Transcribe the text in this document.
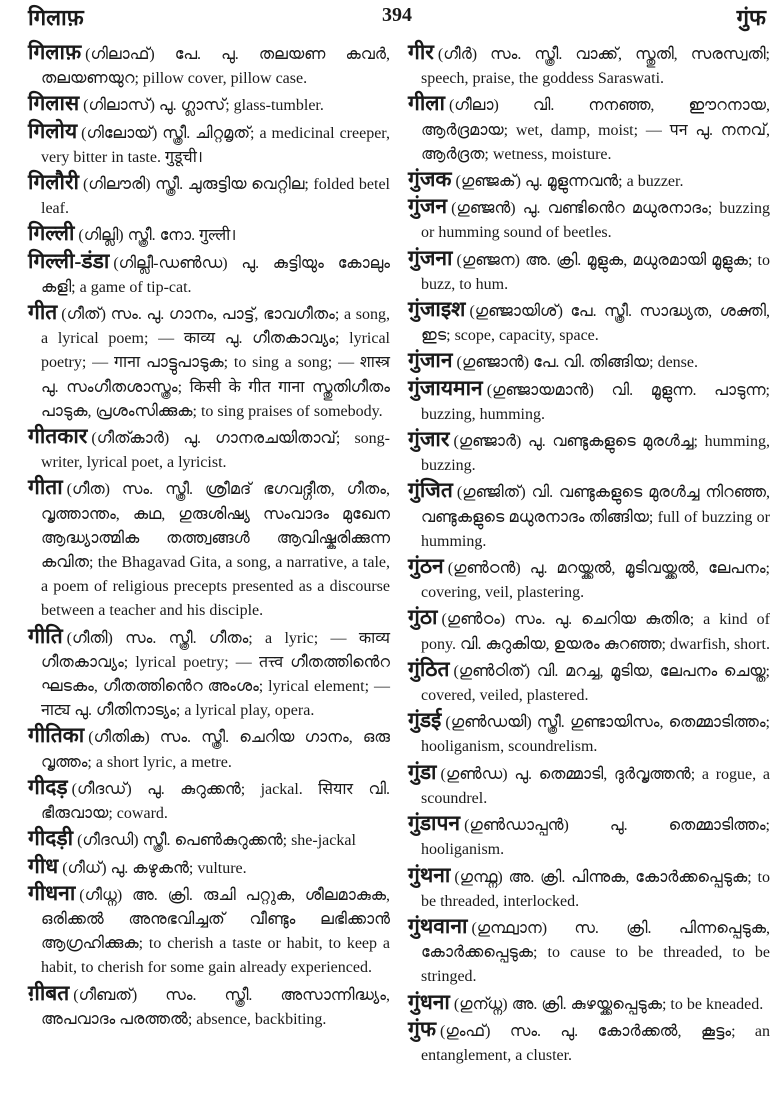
गिलाफ़	394	गुंफ

गिलाफ़ (ഗിലാഫ്) പേ. പു. തലയണ കവർ, തലയണയുറ; pillow cover, pillow case.

गिलास (ഗിലാസ്) പു. ഗ്ലാസ്; glass-tumbler.

गिलोय (ഗിലോയ്) സ്ത്രീ. ചിറ്റമൃത്; a medicinal creeper, very bitter in taste. गुडूची।

गिलौरी (ഗിലൗരി) സ്ത്രീ. ചുരുട്ടിയ വെറ്റില; folded betel leaf.

गिल्ली (ഗില്ലി) സ്ത്രീ. നോ. गुल्ली।

गिल्ली-डंडा (ഗില്ലീ-ഡൺഡ) പു. കുട്ടിയും കോലും കളി; a game of tip-cat.

गीत (ഗീത്) സം. പു. ഗാനം, പാട്ട്, ഭാവഗീതം; a song, a lyrical poem; — काव्य പു. ഗീതകാവ്യം; lyrical poetry; — गाना പാട്ടുപാടുക; to sing a song; — शास्त्र പു. സംഗീതശാസ്ത്രം; किसी के गीत गाना സ്തുതിഗീതം പാടുക, പ്രശംസിക്കുക; to sing praises of somebody.

गीतकार (ഗീത്കാർ) പു. ഗാനരചയിതാവ്; song-writer, lyrical poet, a lyricist.

गीता (ഗീത) സം. സ്ത്രീ. ശ്രീമദ് ഭഗവദ്ഗീത, ഗീതം, വൃത്താന്തം, കഥ, ഗുരുശിഷ്യ സംവാദം മുഖേന ആദ്ധ്യാത്മിക തത്ത്വങ്ങൾ ആവിഷ്കരിക്കുന്ന കവിത; the Bhagavad Gita, a song, a narrative, a tale, a poem of religious precepts presented as a discourse between a teacher and his disciple.

गीति (ഗീതി) സം. സ്ത്രീ. ഗീതം; a lyric; — काव्य ഗീതകാവ്യം; lyrical poetry; — तत्त्व ഗീതത്തിൻെറ ഘടകം, ഗീതത്തിൻെറ അംശം; lyrical element; — नाट्य പു. ഗീതിനാട്യം; a lyrical play, opera.

गीतिका (ഗീതിക) സം. സ്ത്രീ. ചെറിയ ഗാനം, ഒരു വൃത്തം; a short lyric, a metre.

गीदड़ (ഗീദഡ്) പു. കുറുക്കൻ; jackal. सियार വി. ഭീരുവായ; coward.

गीदड़ी (ഗീദഡി) സ്ത്രീ. പെൺകുറുക്കൻ; she-jackal

गीध (ഗീധ്) പു. കഴുകൻ; vulture.

गीधना (ഗീധ്ന) അ. ക്രി. രുചി പറ്റുക, ശീലമാകുക, ഒരിക്കൽ അനുഭവിച്ചത് വീണ്ടും ലഭിക്കാൻ ആഗ്രഹിക്കുക; to cherish a taste or habit, to keep a habit, to cherish for some gain already experienced.

ग़ीबत (ഗീബത്) സം. സ്ത്രീ. അസാന്നിദ്ധ്യം, അപവാദം പരത്തൽ; absence, backbiting.

गीर (ഗീർ) സം. സ്ത്രീ. വാക്ക്, സ്തുതി, സരസ്വതി; speech, praise, the goddess Saraswati.

गीला (ഗീലാ) വി. നനഞ്ഞ, ഈറനായ, ആർദ്രമായ; wet, damp, moist; — पन പു. നനവ്, ആർദ്രത; wetness, moisture.

गुंजक (ഗുഞ്ജക്) പു. മൂളുന്നവൻ; a buzzer.

गुंजन (ഗുഞ്ജൻ) പു. വണ്ടിൻെറ മധുരനാദം; buzzing or humming sound of beetles.

गुंजना (ഗുഞ്ജന) അ. ക്രി. മൂളുക, മധുരമായി മൂളുക; to buzz, to hum.

गुंजाइश (ഗുഞ്ജായിശ്) പേ. സ്ത്രീ. സാദ്ധ്യത, ശക്തി, ഇട; scope, capacity, space.

गुंजान (ഗുഞ്ജാൻ) പേ. വി. തിങ്ങിയ; dense.

गुंजायमान (ഗുഞ്ജായമാൻ) വി. മൂളുന്ന. പാടുന്ന; buzzing, humming.

गुंजार (ഗുഞ്ജാർ) പു. വണ്ടുകളുടെ മുരൾച്ച; humming, buzzing.

गुंजित (ഗുഞ്ജിത്) വി. വണ്ടുകളുടെ മുരൾച്ച നിറഞ്ഞ, വണ്ടുകളുടെ മധുരനാദം തിങ്ങിയ; full of buzzing or humming.

गुंठन (ഗുൺഠൻ) പു. മറയ്ക്കൽ, മൂടിവയ്ക്കൽ, ലേപനം; covering, veil, plastering.

गुंठा (ഗുൺഠം) സം. പു. ചെറിയ കുതിര; a kind of pony. വി. കുറുകിയ, ഉയരം കുറഞ്ഞ; dwarfish, short.

गुंठित (ഗുൺഠിത്) വി. മറച്ച, മൂടിയ, ലേപനം ചെയ്ത; covered, veiled, plastered.

गुंडई (ഗുൺഡയി) സ്ത്രീ. ഗുണ്ടായിസം, തെമ്മാടിത്തം; hooliganism, scoundrelism.

गुंडा (ഗുൺഡ) പു. തെമ്മാടി, ദുർവൃത്തൻ; a rogue, a scoundrel.

गुंडापन (ഗുൺഡാപ്പൻ) പു. തെമ്മാടിത്തം; hooliganism.

गुंथना (ഗുന്ഥ്ന) അ. ക്രി. പിന്നുക, കോർക്കപ്പെടുക; to be threaded, interlocked.

गुंथवाना (ഗുന്ഥ്വാന) സ. ക്രി. പിന്നപ്പെടുക, കോർക്കപ്പെടുക; to cause to be threaded, to be stringed.

गुंधना (ഗുന്ധ്ന) അ. ക്രി. കുഴയ്ക്കപ്പെടുക; to be kneaded.

गुंफ (ഗുംഫ്) സം. പു. കോർക്കൽ, കൂട്ടം; an entanglement, a cluster.
